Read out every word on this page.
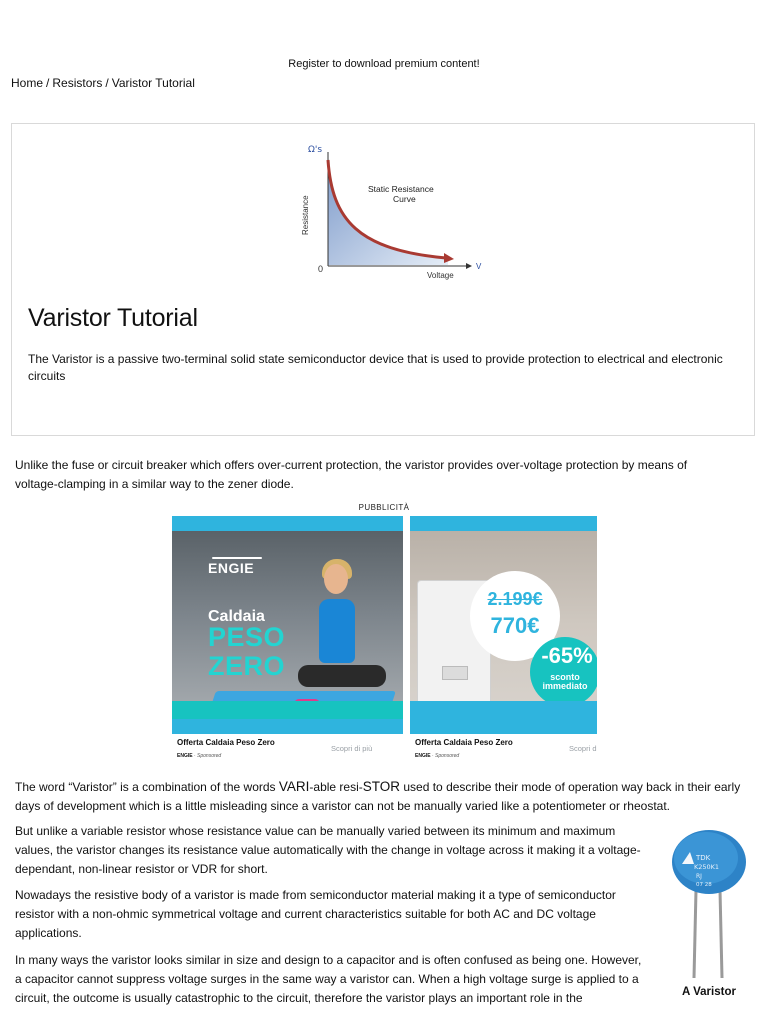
Register to download premium content!
Home / Resistors / Varistor Tutorial
Ω's
Resistance
0
Voltage
V
Static Resistance
Curve
Varistor Tutorial

The Varistor is a passive two-terminal solid state semiconductor device that is used to provide protection to electrical and electronic circuits

Unlike the fuse or circuit breaker which offers over-current protection, the varistor provides over-voltage protection by means of voltage-clamping in a similar way to the zener diode.

PUBBLICITÀ
ENGIE
Caldaia
PESO
ZERO
Offerta Caldaia Peso Zero
ENGIE · Sponsored
Scopri di più
2.199€
770€
-65%
sconto
immediato
Offerta Caldaia Peso Zero
ENGIE · Sponsored
Scopri d

The word “Varistor” is a combination of the words VARI-able resi-STOR used to describe their mode of operation way back in their early days of development which is a little misleading since a varistor can not be manually varied like a potentiometer or rheostat.

But unlike a variable resistor whose resistance value can be manually varied between its minimum and maximum values, the varistor changes its resistance value automatically with the change in voltage across it making it a voltage-dependant, non-linear resistor or VDR for short.

Nowadays the resistive body of a varistor is made from semiconductor material making it a type of semiconductor resistor with a non-ohmic symmetrical voltage and current characteristics suitable for both AC and DC voltage applications.

In many ways the varistor looks similar in size and design to a capacitor and is often confused as being one. However, a capacitor cannot suppress voltage surges in the same way a varistor can. When a high voltage surge is applied to a circuit, the outcome is usually catastrophic to the circuit, therefore the varistor plays an important role in the

TDK
K250K1
RJ
07 28
A Varistor
